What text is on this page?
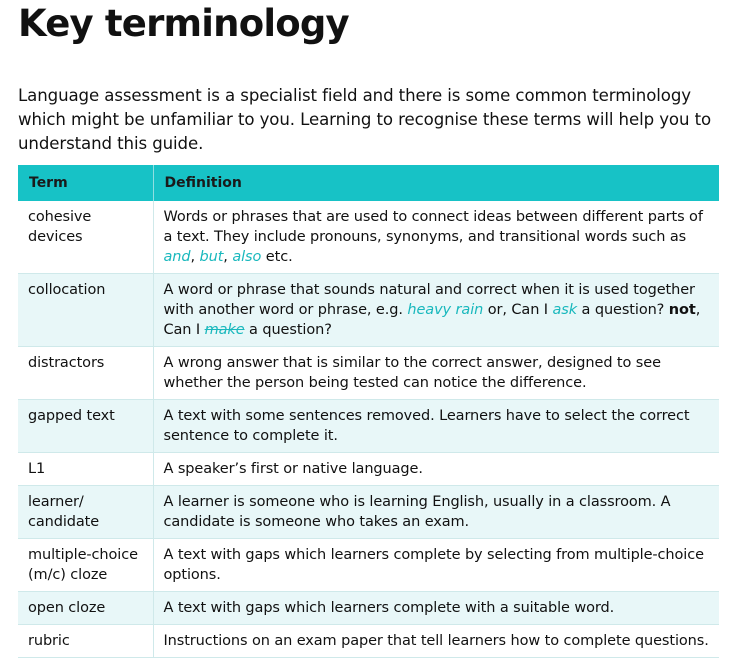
Key terminology

Language assessment is a specialist field and there is some common terminology which might be unfamiliar to you. Learning to recognise these terms will help you to understand this guide.

Term	Definition
cohesive devices	Words or phrases that are used to connect ideas between different parts of a text. They include pronouns, synonyms, and transitional words such as and, but, also etc.
collocation	A word or phrase that sounds natural and correct when it is used together with another word or phrase, e.g. heavy rain or, Can I ask a question? not, Can I make a question?
distractors	A wrong answer that is similar to the correct answer, designed to see whether the person being tested can notice the difference.
gapped text	A text with some sentences removed. Learners have to select the correct sentence to complete it.
L1	A speaker’s first or native language.
learner/ candidate	A learner is someone who is learning English, usually in a classroom. A candidate is someone who takes an exam.
multiple-choice (m/c) cloze	A text with gaps which learners complete by selecting from multiple-choice options.
open cloze	A text with gaps which learners complete with a suitable word.
rubric	Instructions on an exam paper that tell learners how to complete questions.
